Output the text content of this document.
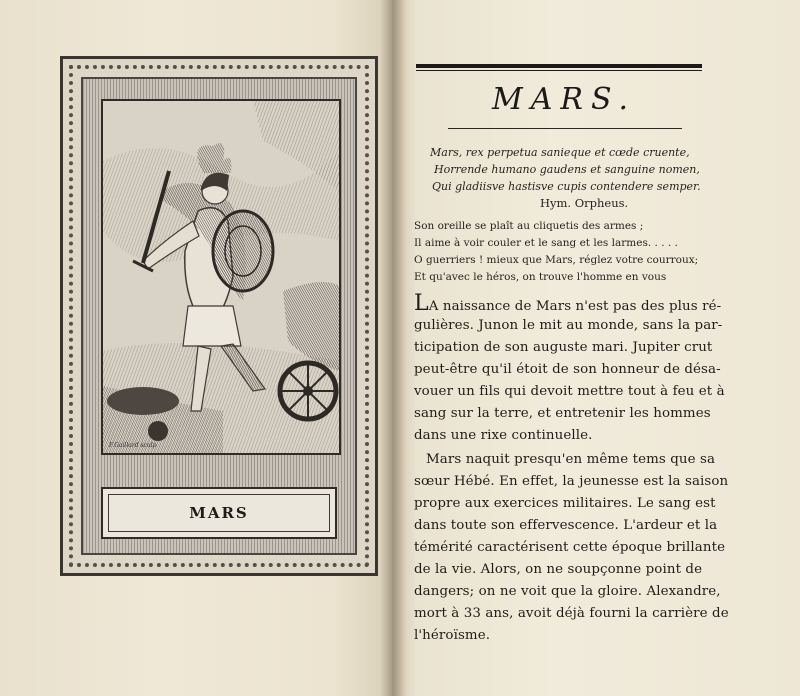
F.Gaillard sculp
MARS
MARS.
Mars, rex perpetua sanieque et cœde cruente,
Horrende humano gaudens et sanguine nomen,
Qui gladiisve hastisve cupis contendere semper.
Hym. Orpheus.
Son oreille se plaît au cliquetis des armes ;
Il aime à voir couler et le sang et les larmes. . . . .
O guerriers ! mieux que Mars, réglez votre courroux;
Et qu'avec le héros, on trouve l'homme en vous
LA naissance de Mars n'est pas des plus ré-
gulières. Junon le mit au monde, sans la par-
ticipation de son auguste mari. Jupiter crut
peut-être qu'il étoit de son honneur de désa-
vouer un fils qui devoit mettre tout à feu et à
sang sur la terre, et entretenir les hommes
dans une rixe continuelle.
Mars naquit presqu'en même tems que sa
sœur Hébé. En effet, la jeunesse est la saison
propre aux exercices militaires. Le sang est
dans toute son effervescence. L'ardeur et la
témérité caractérisent cette époque brillante
de la vie. Alors, on ne soupçonne point de
dangers; on ne voit que la gloire. Alexandre,
mort à 33 ans, avoit déjà fourni la carrière de
l'héroïsme.
